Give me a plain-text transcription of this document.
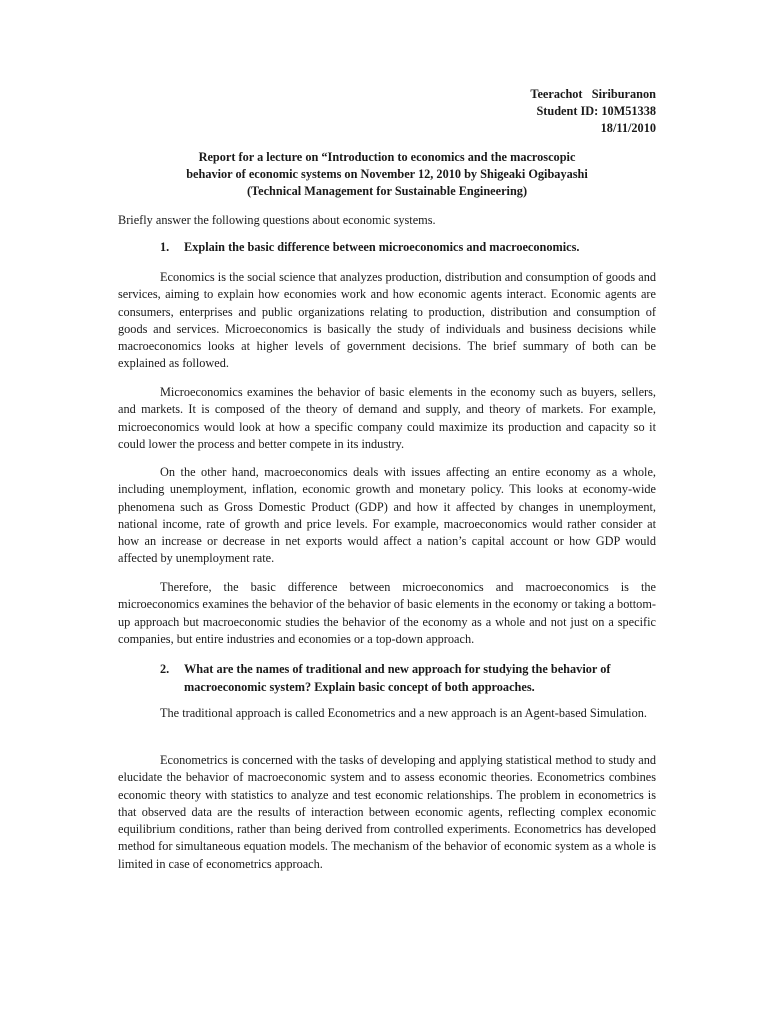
Teerachot   Siriburanon
Student ID: 10M51338
18/11/2010
Report for a lecture on “Introduction to economics and the macroscopic
behavior of economic systems on November 12, 2010 by Shigeaki Ogibayashi
(Technical Management for Sustainable Engineering)
Briefly answer the following questions about economic systems.
1.	Explain the basic difference between microeconomics and macroeconomics.

Economics is the social science that analyzes production, distribution and consumption of goods and services, aiming to explain how economies work and how economic agents interact. Economic agents are consumers, enterprises and public organizations relating to production, distribution and consumption of goods and services. Microeconomics is basically the study of individuals and business decisions while macroeconomics looks at higher levels of government decisions. The brief summary of both can be explained as followed.

Microeconomics examines the behavior of basic elements in the economy such as buyers, sellers, and markets. It is composed of the theory of demand and supply, and theory of markets. For example, microeconomics would look at how a specific company could maximize its production and capacity so it could lower the process and better compete in its industry.

On the other hand, macroeconomics deals with issues affecting an entire economy as a whole, including unemployment, inflation, economic growth and monetary policy. This looks at economy-wide phenomena such as Gross Domestic Product (GDP) and how it affected by changes in unemployment, national income, rate of growth and price levels. For example, macroeconomics would rather consider at how an increase or decrease in net exports would affect a nation’s capital account or how GDP would affected by unemployment rate.

Therefore, the basic difference between microeconomics and macroeconomics is the microeconomics examines the behavior of the behavior of basic elements in the economy or taking a bottom-up approach but macroeconomic studies the behavior of the economy as a whole and not just on a specific companies, but entire industries and economies or a top-down approach.

2.	What are the names of traditional and new approach for studying the behavior of macroeconomic system? Explain basic concept of both approaches.

The traditional approach is called Econometrics and a new approach is an Agent-based Simulation.

Econometrics is concerned with the tasks of developing and applying statistical method to study and elucidate the behavior of macroeconomic system and to assess economic theories. Econometrics combines economic theory with statistics to analyze and test economic relationships. The problem in econometrics is that observed data are the results of interaction between economic agents, reflecting complex economic equilibrium conditions, rather than being derived from controlled experiments. Econometrics has developed method for simultaneous equation models. The mechanism of the behavior of economic system as a whole is limited in case of econometrics approach.
